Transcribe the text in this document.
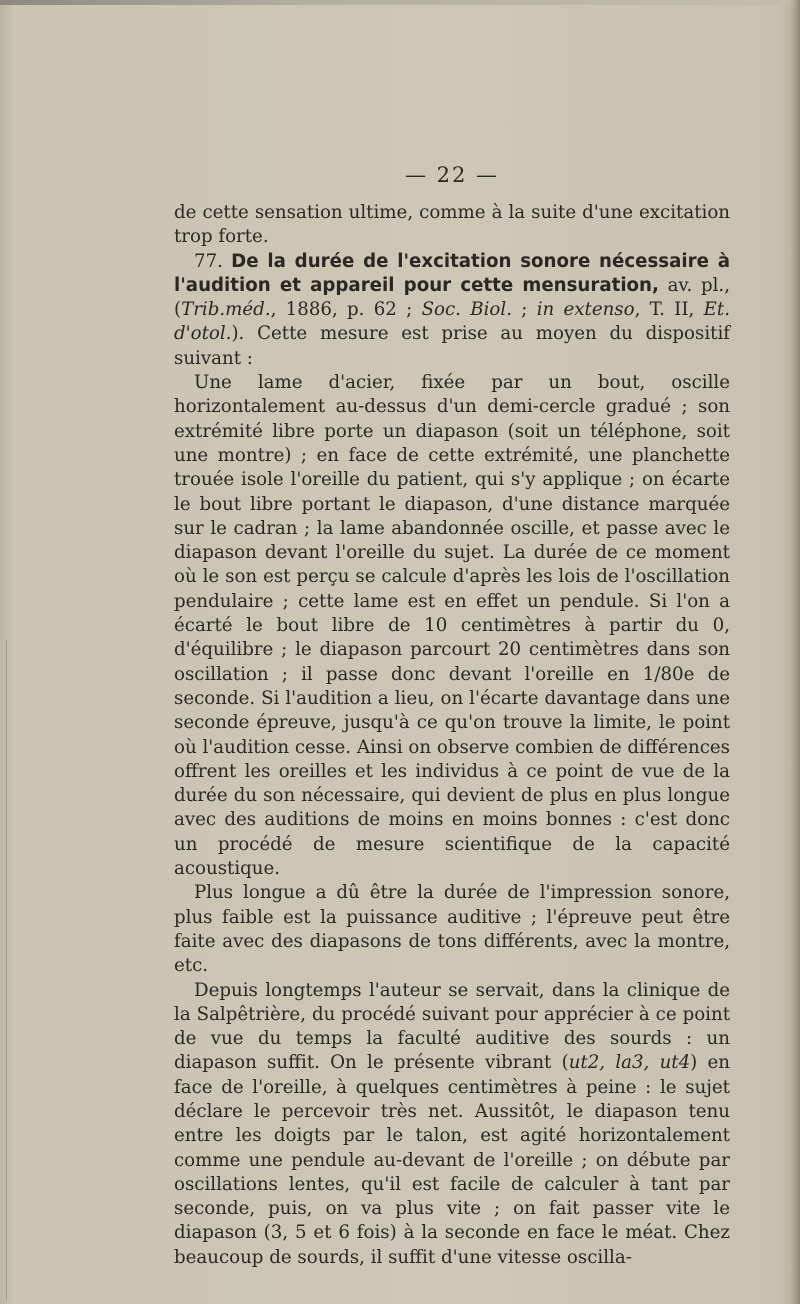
— 22 —

de cette sensation ultime, comme à la suite d'une excitation trop forte.

77. De la durée de l'excitation sonore nécessaire à l'audition et appareil pour cette mensuration, av. pl., (Trib.méd., 1886, p. 62 ; Soc. Biol. ; in extenso, T. II, Et. d'otol.). Cette mesure est prise au moyen du dispositif suivant :

Une lame d'acier, fixée par un bout, oscille horizontalement au-dessus d'un demi-cercle gradué ; son extrémité libre porte un diapason (soit un téléphone, soit une montre) ; en face de cette extrémité, une planchette trouée isole l'oreille du patient, qui s'y applique ; on écarte le bout libre portant le diapason, d'une distance marquée sur le cadran ; la lame abandonnée oscille, et passe avec le diapason devant l'oreille du sujet. La durée de ce moment où le son est perçu se calcule d'après les lois de l'oscillation pendulaire ; cette lame est en effet un pendule. Si l'on a écarté le bout libre de 10 centimètres à partir du 0, d'équilibre ; le diapason parcourt 20 centimètres dans son oscillation ; il passe donc devant l'oreille en 1/80e de seconde. Si l'audition a lieu, on l'écarte davantage dans une seconde épreuve, jusqu'à ce qu'on trouve la limite, le point où l'audition cesse. Ainsi on observe combien de différences offrent les oreilles et les individus à ce point de vue de la durée du son nécessaire, qui devient de plus en plus longue avec des auditions de moins en moins bonnes : c'est donc un procédé de mesure scientifique de la capacité acoustique.

Plus longue a dû être la durée de l'impression sonore, plus faible est la puissance auditive ; l'épreuve peut être faite avec des diapasons de tons différents, avec la montre, etc.

Depuis longtemps l'auteur se servait, dans la clinique de la Salpêtrière, du procédé suivant pour apprécier à ce point de vue du temps la faculté auditive des sourds : un diapason suffit. On le présente vibrant (ut2, la3, ut4) en face de l'oreille, à quelques centimètres à peine : le sujet déclare le percevoir très net. Aussitôt, le diapason tenu entre les doigts par le talon, est agité horizontalement comme une pendule au-devant de l'oreille ; on débute par oscillations lentes, qu'il est facile de calculer à tant par seconde, puis, on va plus vite ; on fait passer vite le diapason (3, 5 et 6 fois) à la seconde en face le méat. Chez beaucoup de sourds, il suffit d'une vitesse oscilla-
